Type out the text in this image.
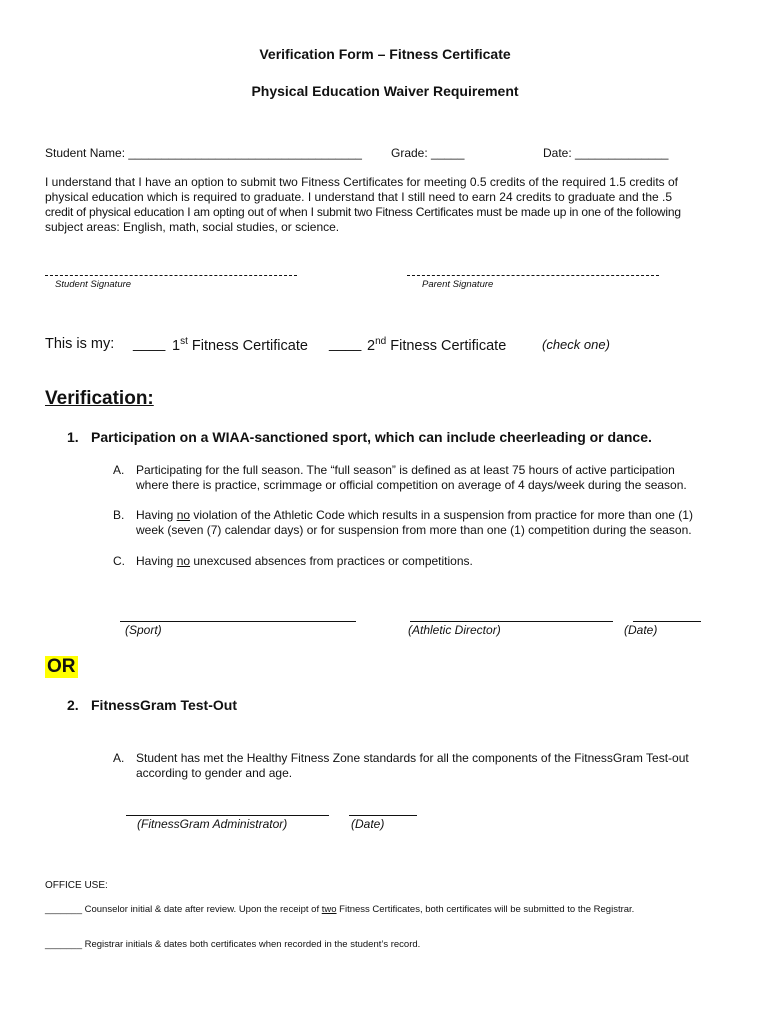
Verification Form – Fitness Certificate
Physical Education Waiver Requirement
Student Name: ___________________________________ Grade: _____	Date: ______________
I understand that I have an option to submit two Fitness Certificates for meeting 0.5 credits of the required 1.5 credits of
physical education which is required to graduate. I understand that I still need to earn 24 credits to graduate and the .5
credit of physical education I am opting out of when I submit two Fitness Certificates must be made up in one of the following
subject areas: English, math, social studies, or science.
Student Signature	Parent Signature
This is my: ____ 1st Fitness Certificate ____ 2nd Fitness Certificate	(check one)
Verification:
1. Participation on a WIAA-sanctioned sport, which can include cheerleading or dance.
A. Participating for the full season. The “full season” is defined as at least 75 hours of active participation
where there is practice, scrimmage or official competition on average of 4 days/week during the season.
B. Having no violation of the Athletic Code which results in a suspension from practice for more than one (1)
week (seven (7) calendar days) or for suspension from more than one (1) competition during the season.
C. Having no unexcused absences from practices or competitions.
(Sport)	(Athletic Director)	(Date)
OR
2. FitnessGram Test-Out
A. Student has met the Healthy Fitness Zone standards for all the components of the FitnessGram Test-out
according to gender and age.
(FitnessGram Administrator)	(Date)
OFFICE USE:
_______ Counselor initial & date after review. Upon the receipt of two Fitness Certificates, both certificates will be submitted to the Registrar.
_______ Registrar initials & dates both certificates when recorded in the student’s record.
